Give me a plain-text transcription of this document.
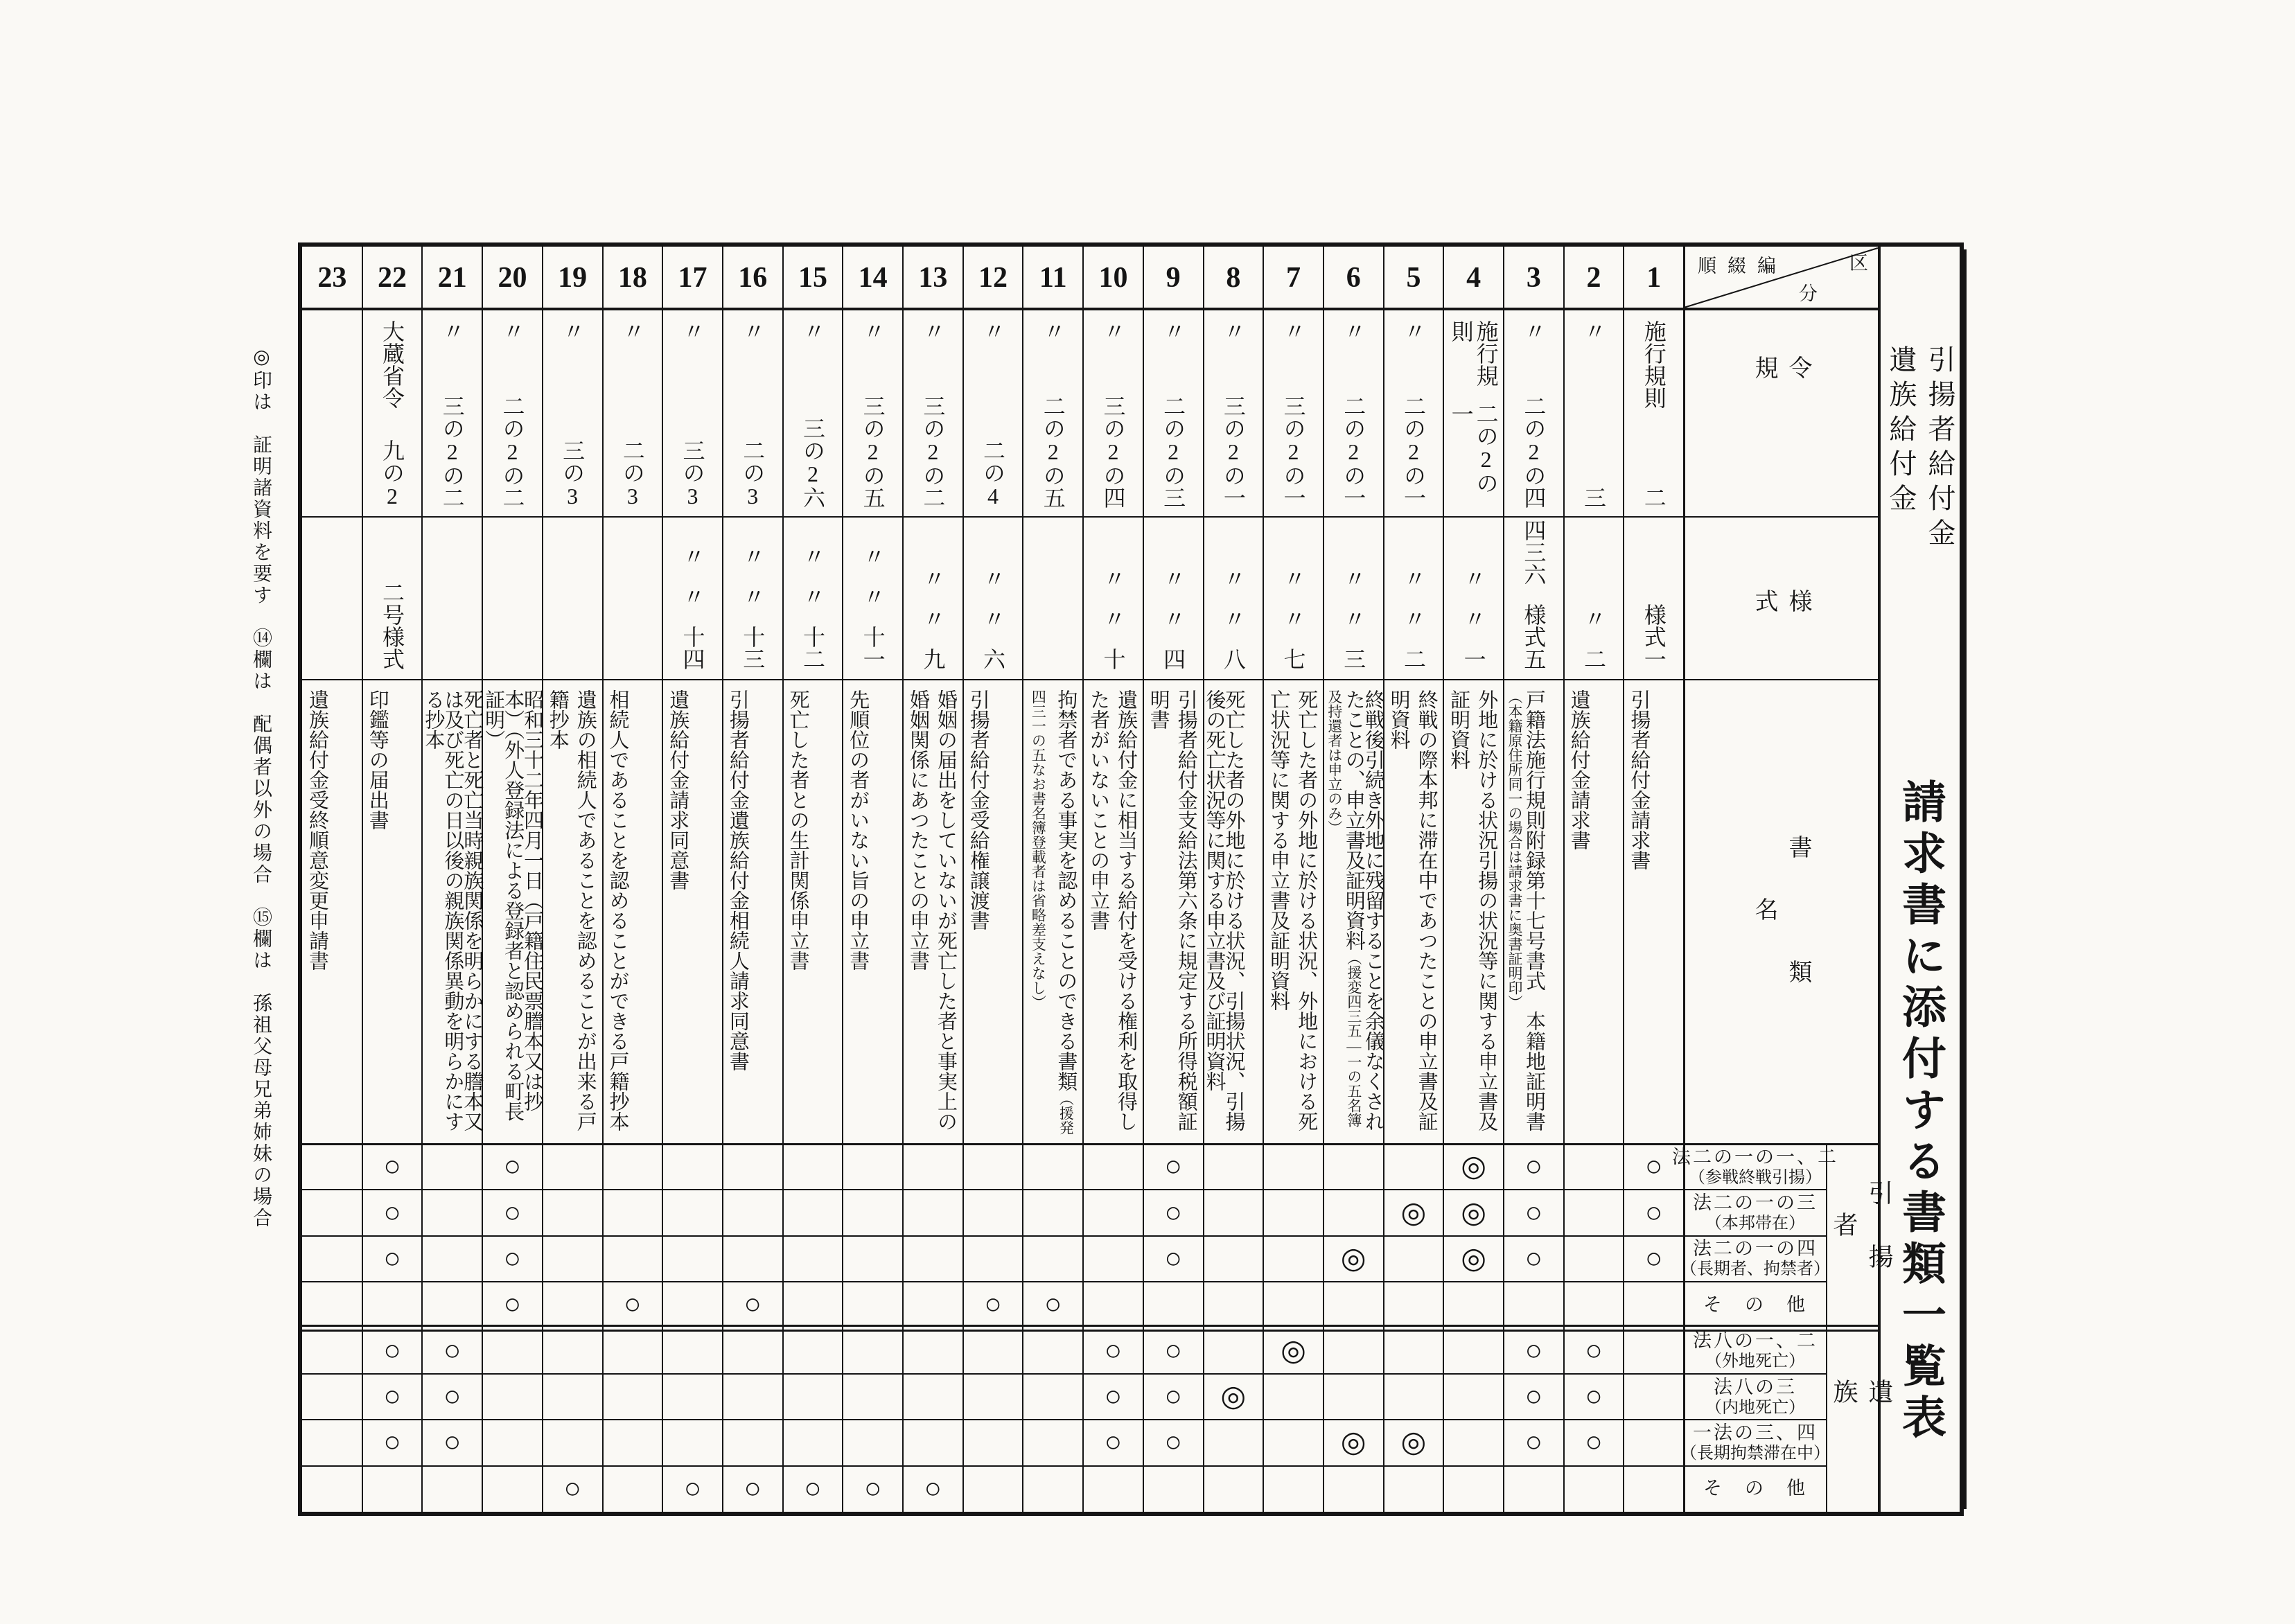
◎印は　証明諸資料を要す　⑭欄は　配偶者以外の場合　⑮欄は　孫祖父母兄弟姉妹の場合
順綴編	区
分
令規
様式
書類名
引揚者
遺族
引揚者給付金
遺族給付金
請求書に添付する書類一覧表
1
施行規則
二
様式一
引揚者給付金請求書
2
〃
三
〃
二
遺族給付金請求書
3
〃
二の2の四
四三六
様式五
戸籍法施行規則附録第十七号書式　本籍地証明書（本籍原住所同一の場合は請求書に奥書証明印）
4
施行規則
二の2の一
〃
〃
一
外地に於ける状況引揚の状況等に関する申立書及証明資料
5
〃
二の2の一
〃
〃
二
終戦の際本邦に滞在中であつたことの申立書及証明資料
6
〃
二の2の一
〃
〃
三
終戦後引続き外地に残留することを余儀なくされたことの、申立書及証明資料（援変四三五―一の五名簿及持還者は申立のみ）
7
〃
三の2の一
〃
〃
七
死亡した者の外地に於ける状況、外地における死亡状況等に関する申立書及証明資料
8
〃
三の2の一
〃
〃
八
死亡した者の外地に於ける状況、引揚状況、引揚後の死亡状況等に関する申立書及び証明資料
9
〃
二の2の三
〃
〃
四
引揚者給付金支給法第六条に規定する所得税額証明書
10
〃
三の2の四
〃
〃
十
遺族給付金に相当する給付を受ける権利を取得した者がいないことの申立書
11
〃
二の2の五
拘禁者である事実を認めることのできる書類（援発四三一の五なお書名簿登載者は省略差支えなし）
12
〃
二の4
〃
〃
六
引揚者給付金受給権譲渡書
13
〃
三の2の二
〃
〃
九
婚姻の届出をしていないが死亡した者と事実上の婚姻関係にあつたことの申立書
14
〃
三の2の五
〃
〃
十一
先順位の者がいない旨の申立書
15
〃
三の2六
〃
〃
十二
死亡した者との生計関係申立書
16
〃
二の3
〃
〃
十三
引揚者給付金遺族給付金相続人請求同意書
17
〃
三の3
〃
〃
十四
遺族給付金請求同意書
18
〃
二の3
相続人であることを認めることができる戸籍抄本
19
〃
三の3
遺族の相続人であることを認めることが出来る戸籍抄本
20
〃
二の2の二
昭和三十二年四月一日（戸籍住民票謄本又は抄本）（外人登録法による登録者と認められる町長証明）
21
〃
三の2の二
死亡者と死亡当時親族関係を明らかにする謄本又は及び死亡の日以後の親族関係異動を明らかにする抄本
22
大蔵省令
九の2
二号様式
印鑑等の届出書
23
遺族給付金受終順意変更申請書
法二の一の一、二
（参戦終戦引揚）
法二の一の三
（本邦帯在）
法二の一の四
（長期者、拘禁者）
そ　の　他
法八の一、二
（外地死亡）
法八の三
（内地死亡）
一法の三、四
（長期拘禁滞在中）
そ　の　他
○
○
◎
○
○
○
○
○
◎
◎
○
○
○
○
○
◎
◎
○
○
○
○
○
○
○
○
○
○
◎
○
○
○
○
○
○
◎
○
○
○
○
○
○
◎
◎
○
○
○
○
○
○
○
○
○
○
